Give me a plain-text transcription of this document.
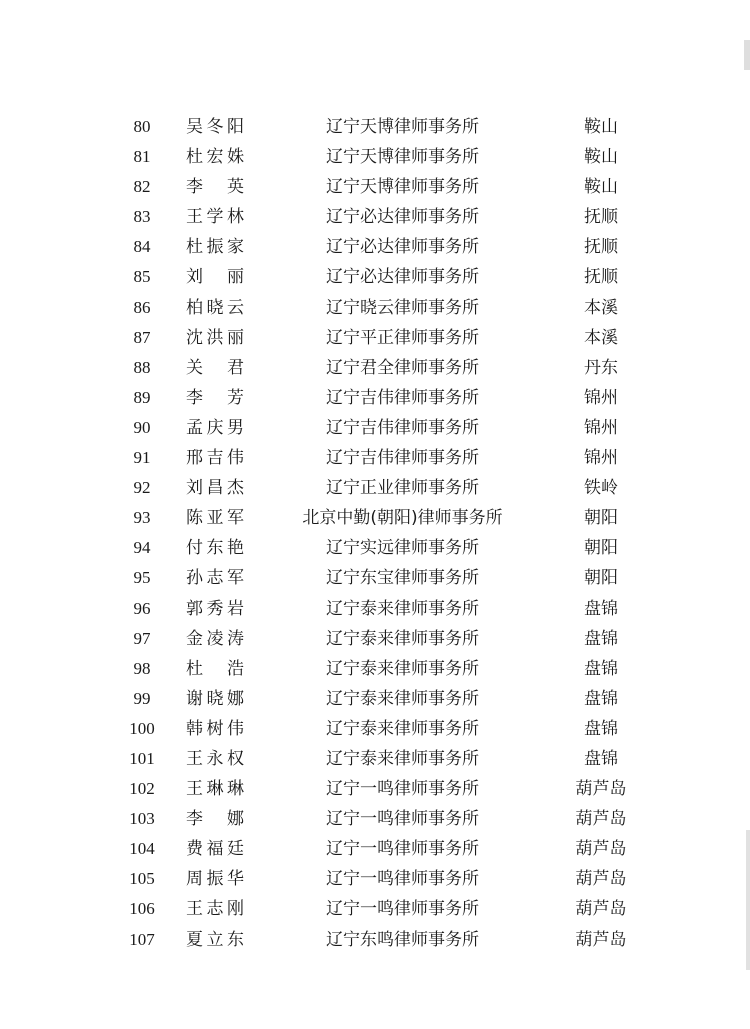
80	吴冬阳	辽宁天博律师事务所	鞍山
81	杜宏姝	辽宁天博律师事务所	鞍山
82	李英	辽宁天博律师事务所	鞍山
83	王学林	辽宁必达律师事务所	抚顺
84	杜振家	辽宁必达律师事务所	抚顺
85	刘丽	辽宁必达律师事务所	抚顺
86	柏晓云	辽宁晓云律师事务所	本溪
87	沈洪丽	辽宁平正律师事务所	本溪
88	关君	辽宁君全律师事务所	丹东
89	李芳	辽宁吉伟律师事务所	锦州
90	孟庆男	辽宁吉伟律师事务所	锦州
91	邢吉伟	辽宁吉伟律师事务所	锦州
92	刘昌杰	辽宁正业律师事务所	铁岭
93	陈亚军	北京中勤(朝阳)律师事务所	朝阳
94	付东艳	辽宁实远律师事务所	朝阳
95	孙志军	辽宁东宝律师事务所	朝阳
96	郭秀岩	辽宁泰来律师事务所	盘锦
97	金凌涛	辽宁泰来律师事务所	盘锦
98	杜浩	辽宁泰来律师事务所	盘锦
99	谢晓娜	辽宁泰来律师事务所	盘锦
100	韩树伟	辽宁泰来律师事务所	盘锦
101	王永权	辽宁泰来律师事务所	盘锦
102	王琳琳	辽宁一鸣律师事务所	葫芦岛
103	李娜	辽宁一鸣律师事务所	葫芦岛
104	费福廷	辽宁一鸣律师事务所	葫芦岛
105	周振华	辽宁一鸣律师事务所	葫芦岛
106	王志刚	辽宁一鸣律师事务所	葫芦岛
107	夏立东	辽宁东鸣律师事务所	葫芦岛
